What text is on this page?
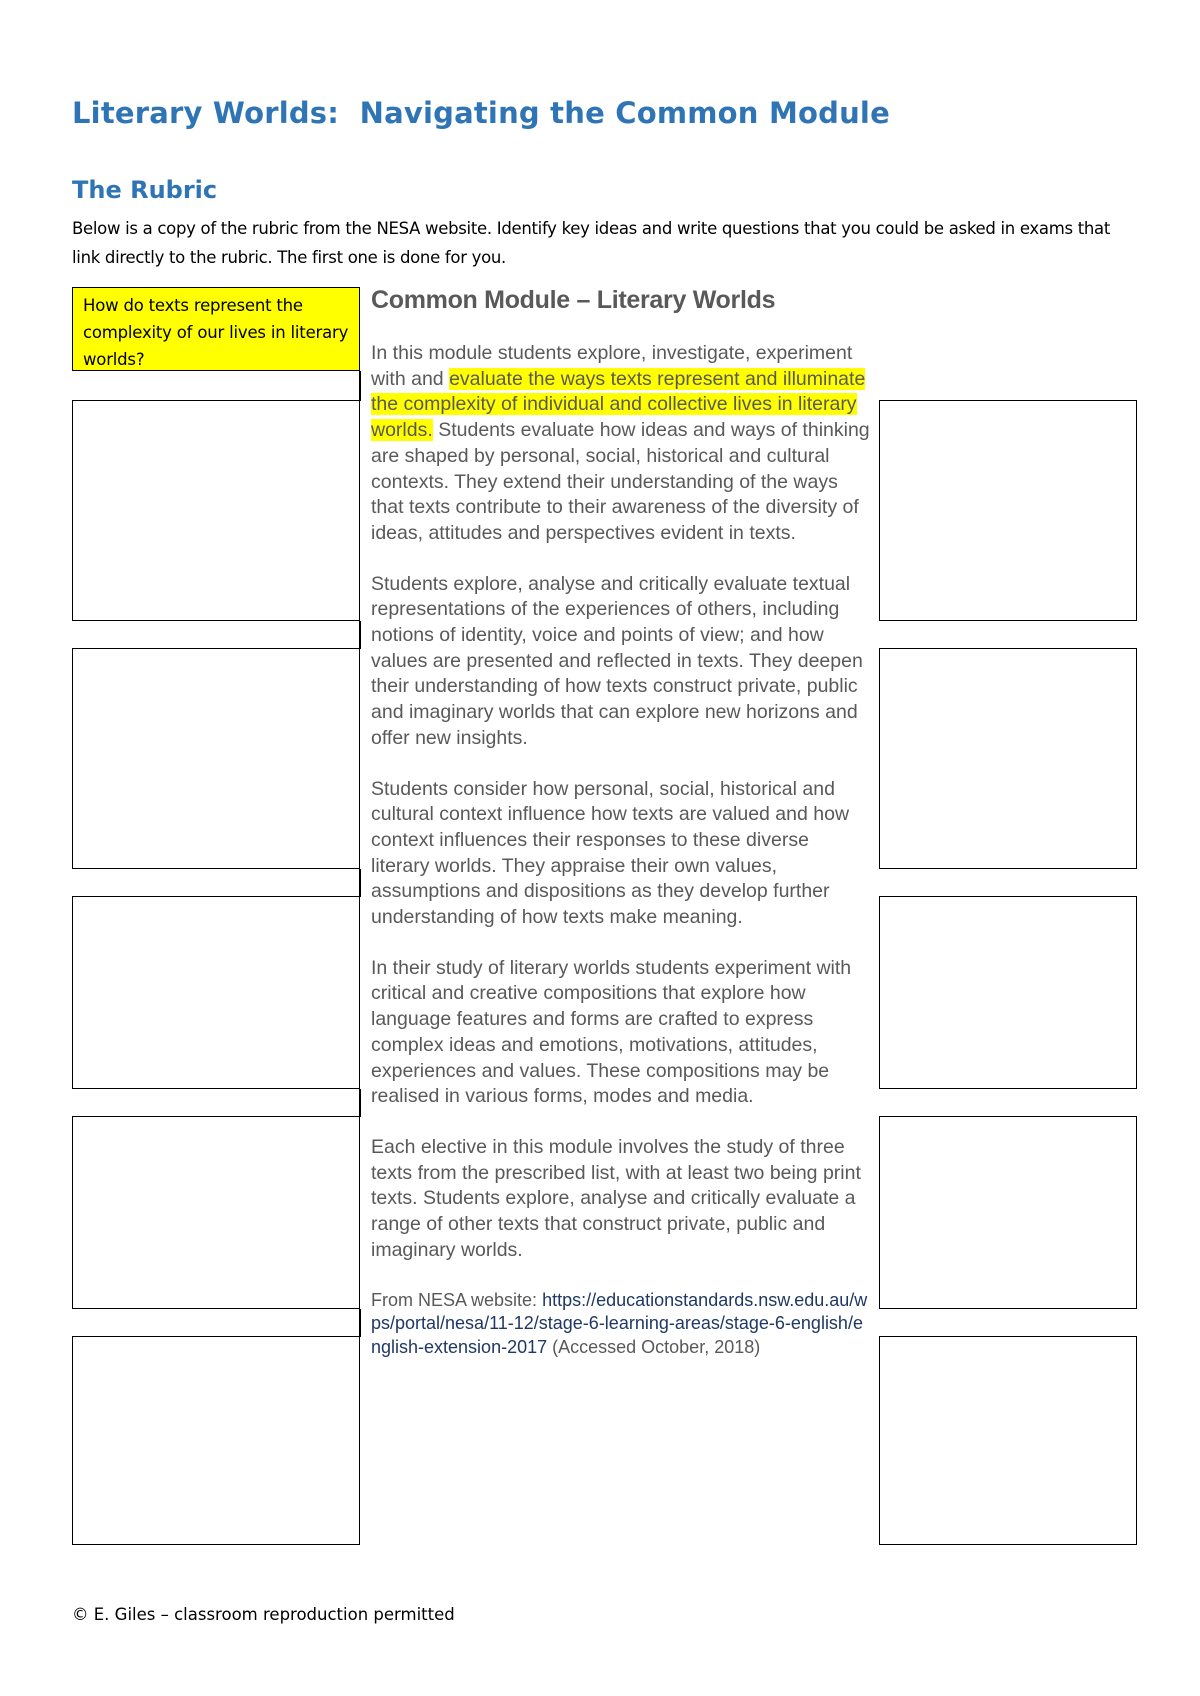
Literary Worlds:  Navigating the Common Module
The Rubric

Below is a copy of the rubric from the NESA website. Identify key ideas and write questions that you could be asked in exams that link directly to the rubric. The first one is done for you.

How do texts represent the complexity of our lives in literary worlds?
Common Module – Literary Worlds

In this module students explore, investigate, experiment with and evaluate the ways texts represent and illuminate the complexity of individual and collective lives in literary worlds. Students evaluate how ideas and ways of thinking are shaped by personal, social, historical and cultural contexts. They extend their understanding of the ways that texts contribute to their awareness of the diversity of ideas, attitudes and perspectives evident in texts.

Students explore, analyse and critically evaluate textual representations of the experiences of others, including notions of identity, voice and points of view; and how values are presented and reflected in texts. They deepen their understanding of how texts construct private, public and imaginary worlds that can explore new horizons and offer new insights.

Students consider how personal, social, historical and cultural context influence how texts are valued and how context influences their responses to these diverse literary worlds. They appraise their own values, assumptions and dispositions as they develop further understanding of how texts make meaning.

In their study of literary worlds students experiment with critical and creative compositions that explore how language features and forms are crafted to express complex ideas and emotions, motivations, attitudes, experiences and values. These compositions may be realised in various forms, modes and media.

Each elective in this module involves the study of three texts from the prescribed list, with at least two being print texts. Students explore, analyse and critically evaluate a range of other texts that construct private, public and imaginary worlds.

From NESA website: https://educationstandards.nsw.edu.au/wps/portal/nesa/11-12/stage-6-learning-areas/stage-6-english/english-extension-2017 (Accessed October, 2018)

© E. Giles – classroom reproduction permitted
